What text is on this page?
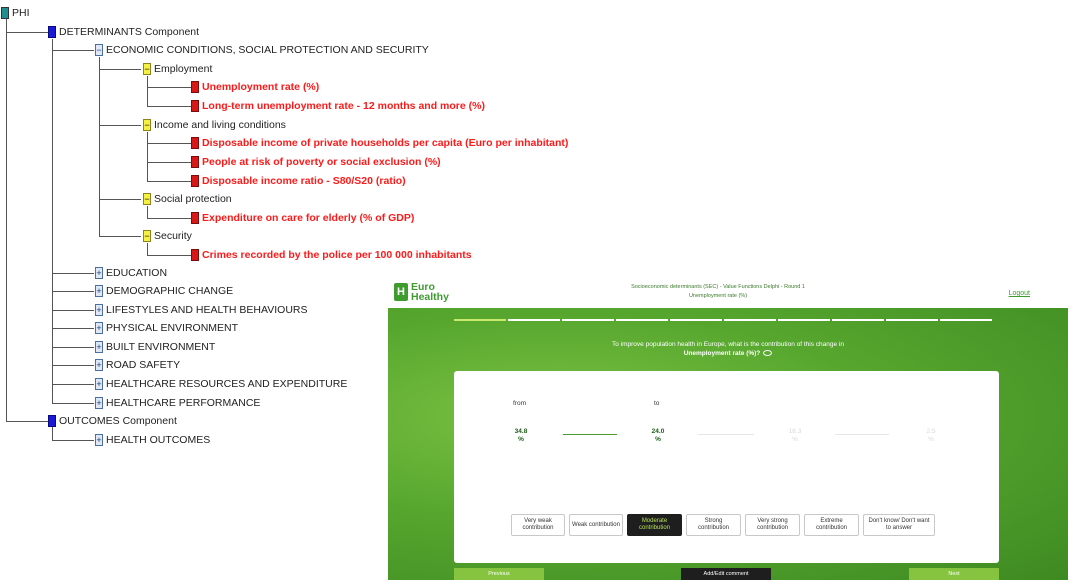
PHI
DETERMINANTS Component
− ECONOMIC CONDITIONS, SOCIAL PROTECTION AND SECURITY
− Employment
Unemployment rate (%)
Long-term unemployment rate - 12 months and more (%)
− Income and living conditions
Disposable income of private households per capita (Euro per inhabitant)
People at risk of poverty or social exclusion (%)
Disposable income ratio - S80/S20 (ratio)
− Social protection
Expenditure on care for elderly (% of GDP)
− Security
Crimes recorded by the police per 100 000 inhabitants
+ EDUCATION
+ DEMOGRAPHIC CHANGE
+ LIFESTYLES AND HEALTH BEHAVIOURS
+ PHYSICAL ENVIRONMENT
+ BUILT ENVIRONMENT
+ ROAD SAFETY
+ HEALTHCARE RESOURCES AND EXPENDITURE
+ HEALTHCARE PERFORMANCE
OUTCOMES Component
+ HEALTH OUTCOMES
H Euro
Healthy
Socioeconomic determinants (SEC) - Value Functions Delphi - Round 1
Unemployment rate (%)	Logout
To improve population health in Europe, what is the contribution of this change in
Unemployment rate (%)?
from	to
34.8
%
24.0
%
16.3
%
2.5
%
Very weak contribution
Weak contribution
Moderate contribution
Strong contribution
Very strong contribution
Extreme contribution
Don't know/ Don't want to answer
Previous	Add/Edit comment	Next
